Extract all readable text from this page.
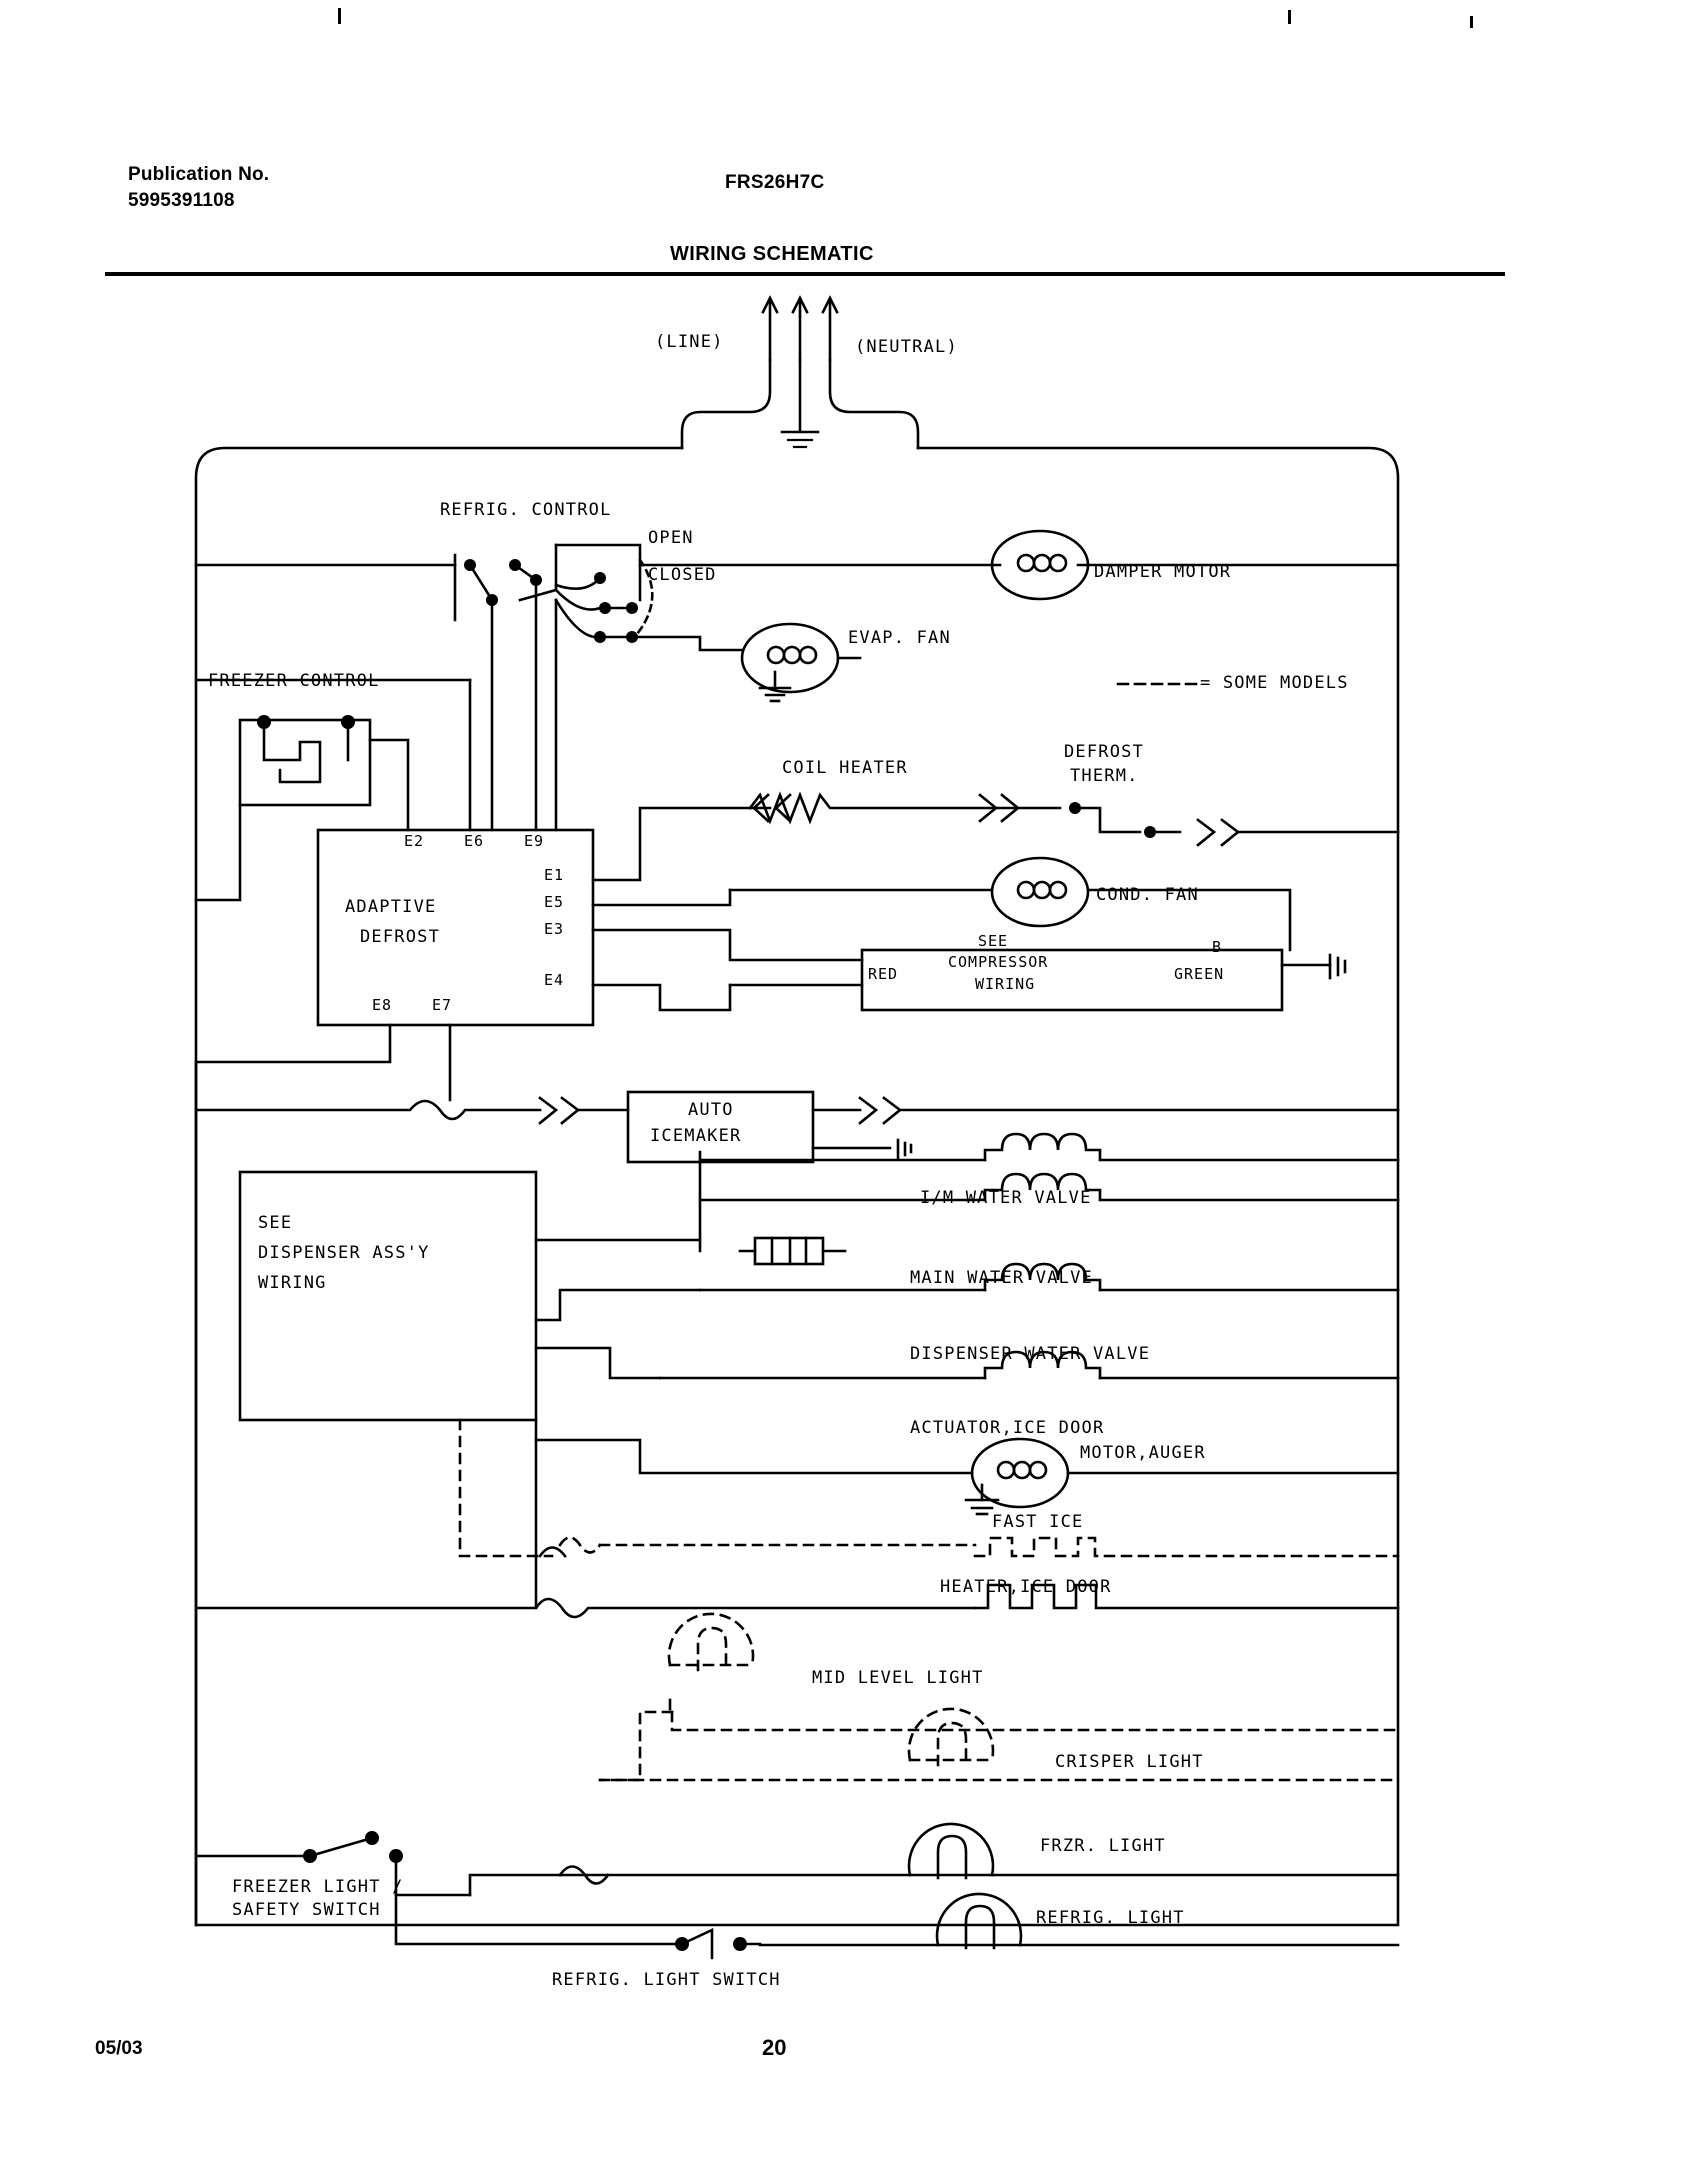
Publication No.
5995391108
FRS26H7C
WIRING SCHEMATIC
(LINE)	(NEUTRAL)
REFRIG. CONTROL
OPEN
CLOSED	DAMPER MOTOR
EVAP. FAN
FREEZER CONTROL	= SOME MODELS
COIL HEATER
DEFROST
THERM.
COND. FAN
ADAPTIVE
DEFROST
E2	E6	E9
E1
E5
E3
E4
E8	E7
SEE
COMPRESSOR
WIRING
RED	GREEN
B
AUTO
ICEMAKER
SEE
DISPENSER ASS'Y
WIRING
I/M WATER VALVE
MAIN WATER VALVE
DISPENSER WATER VALVE
ACTUATOR,ICE DOOR
MOTOR,AUGER
FAST ICE
HEATER,ICE DOOR
MID LEVEL LIGHT
CRISPER LIGHT
FRZR. LIGHT
REFRIG. LIGHT
FREEZER LIGHT /
SAFETY SWITCH
REFRIG. LIGHT SWITCH
05/03	20
